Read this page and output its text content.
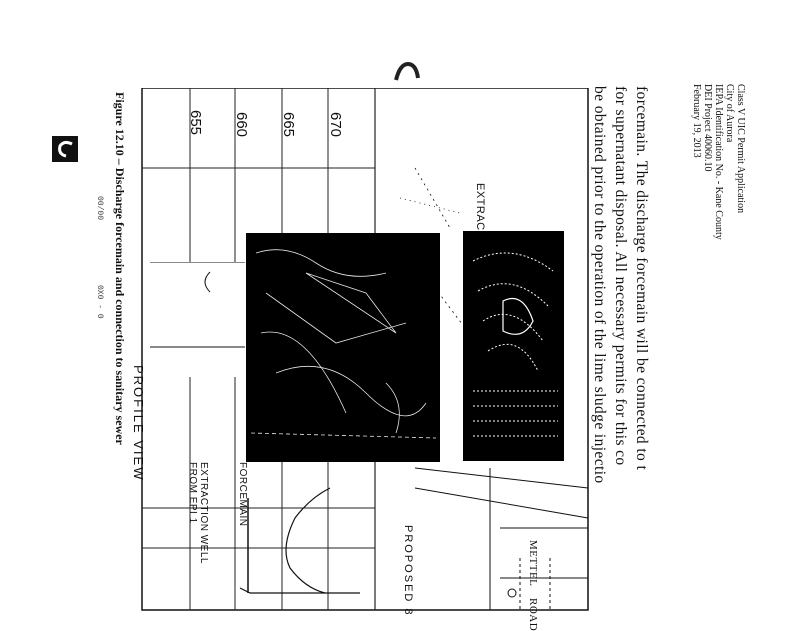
Class V UIC Permit Application
City of Aurora
IEPA Identification No. - Kane County
DEI Project 40060.10
February 19, 2013
forcemain. The discharge forcemain will be connected to t
for supernatant disposal. All necessary permits for this co
be obtained prior to the operation of the lime sludge injectio
670
665
660
655
EXTRAC
PROFILE VIEW
EXTRACTION WELL
FROM EPI 1	FORCEMAIN
METTEL
ROAD
PROPOSED 8
Figure 12.10 – Discharge forcemain and connection to sanitary sewer
00/00
0X0 - 0
